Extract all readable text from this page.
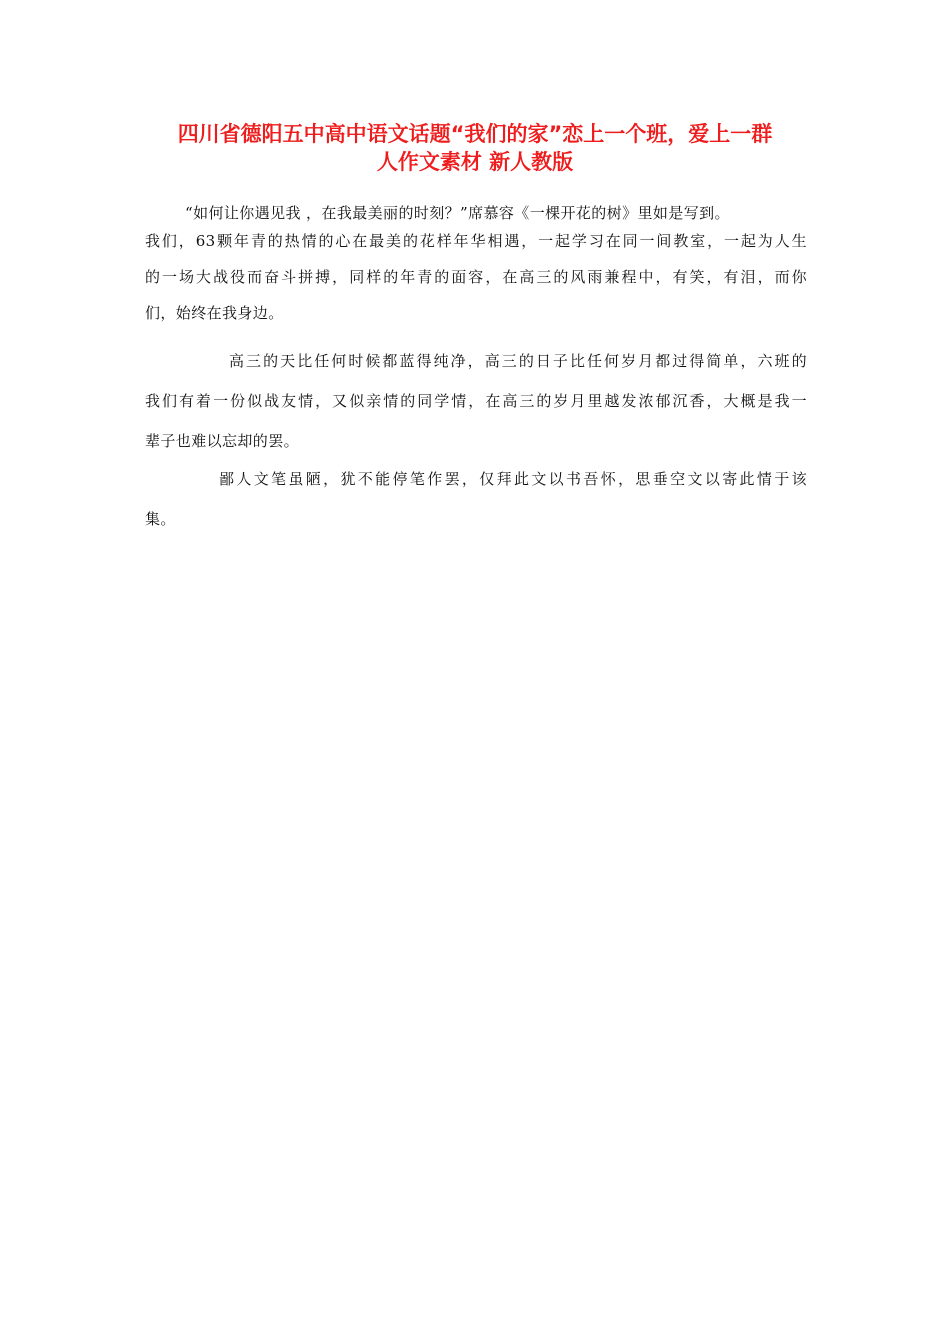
四川省德阳五中高中语文话题“我们的家”恋上一个班，爱上一群
人作文素材 新人教版

“如何让你遇见我 ，在我最美丽的时刻？”席慕容《一棵开花的树》里如是写到。
我们，63颗年青的热情的心在最美的花样年华相遇，一起学习在同一间教室，一起为人生
的一场大战役而奋斗拼搏，同样的年青的面容，在高三的风雨兼程中，有笑，有泪，而你
们，始终在我身边。

高三的天比任何时候都蓝得纯净，高三的日子比任何岁月都过得简单，六班的
我们有着一份似战友情，又似亲情的同学情，在高三的岁月里越发浓郁沉香，大概是我一
辈子也难以忘却的罢。

鄙人文笔虽陋，犹不能停笔作罢，仅拜此文以书吾怀，思垂空文以寄此情于该
集。
